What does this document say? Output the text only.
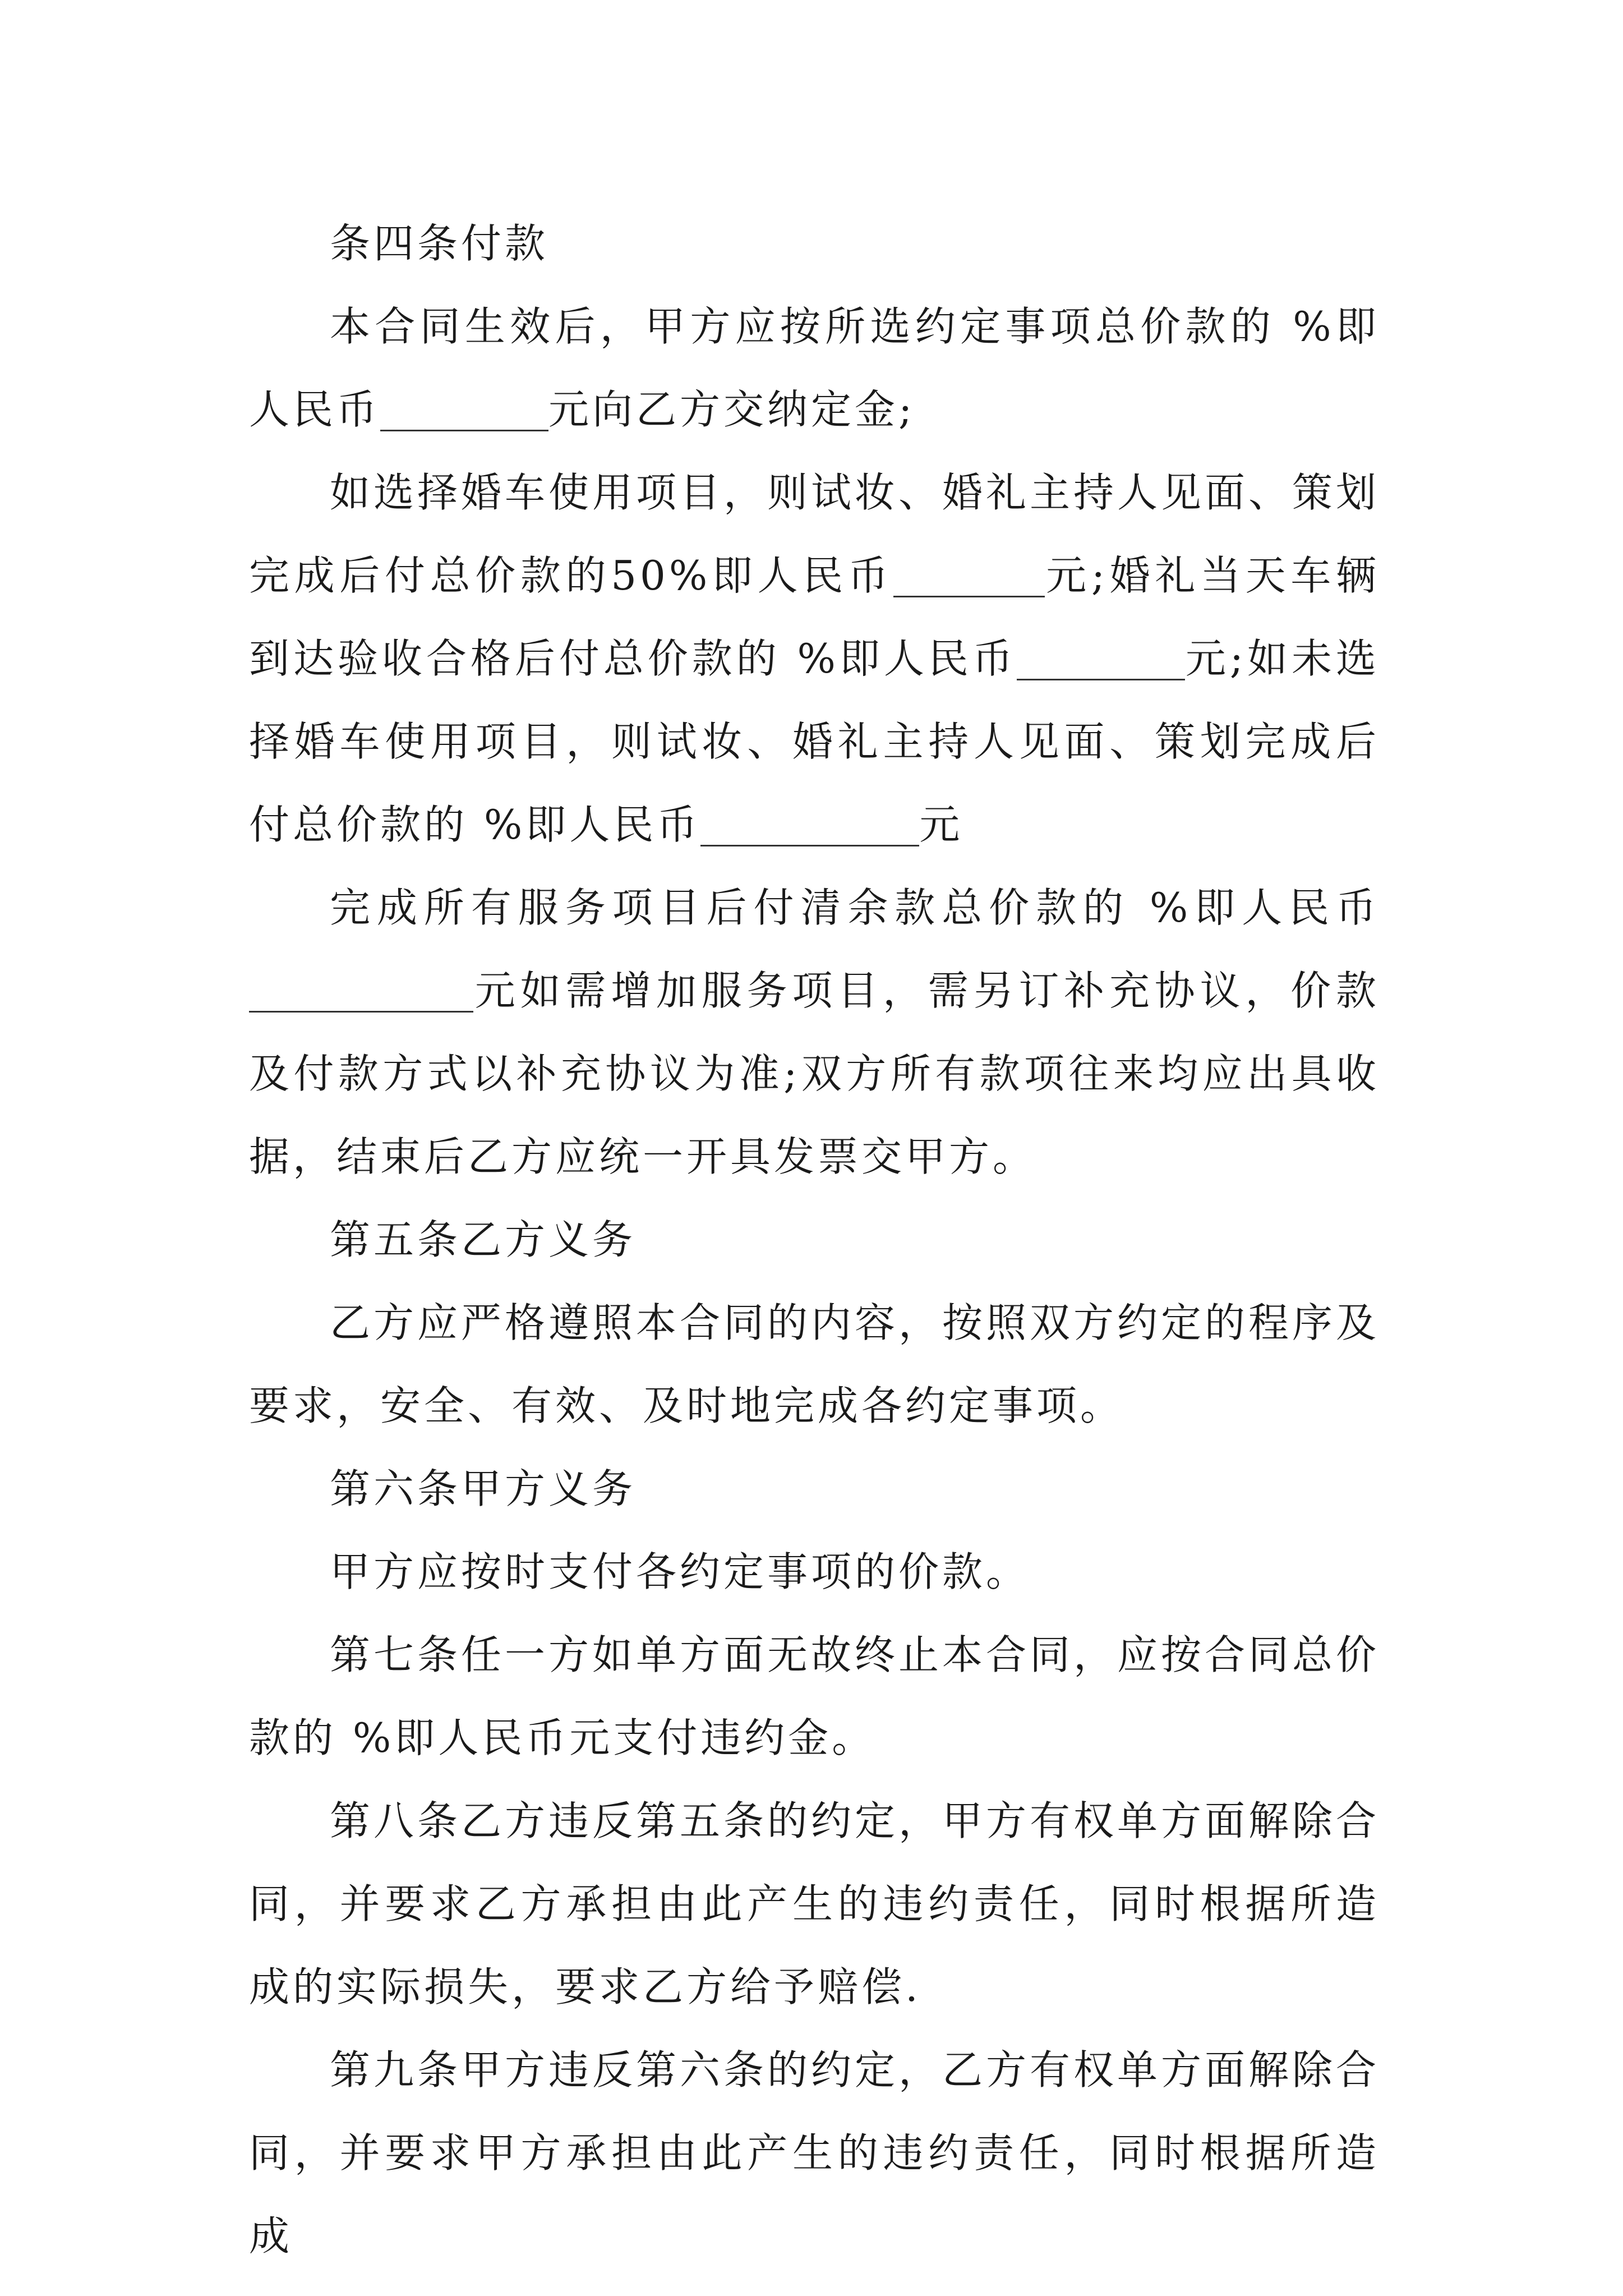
条四条付款

本合同生效后，甲方应按所选约定事项总价款的 %即人民币	元向乙方交纳定金;

如选择婚车使用项目，则试妆、婚礼主持人见面、策划完成后付总价款的50%即人民币	元;婚礼当天车辆到达验收合格后付总价款的 %即人民币	元;如未选择婚车使用项目，则试妆、婚礼主持人见面、策划完成后付总价款的 %即人民币	元

完成所有服务项目后付清余款总价款的 %即人民币元如需增加服务项目，需另订补充协议，价款及付款方式以补充协议为准;双方所有款项往来均应出具收据，结束后乙方应统一开具发票交甲方。

第五条乙方义务

乙方应严格遵照本合同的内容，按照双方约定的程序及要求，安全、有效、及时地完成各约定事项。

第六条甲方义务

甲方应按时支付各约定事项的价款。

第七条任一方如单方面无故终止本合同，应按合同总价款的 %即人民币元支付违约金。

第八条乙方违反第五条的约定，甲方有权单方面解除合同，并要求乙方承担由此产生的违约责任，同时根据所造成的实际损失，要求乙方给予赔偿.

第九条甲方违反第六条的约定，乙方有权单方面解除合同，并要求甲方承担由此产生的违约责任，同时根据所造成
